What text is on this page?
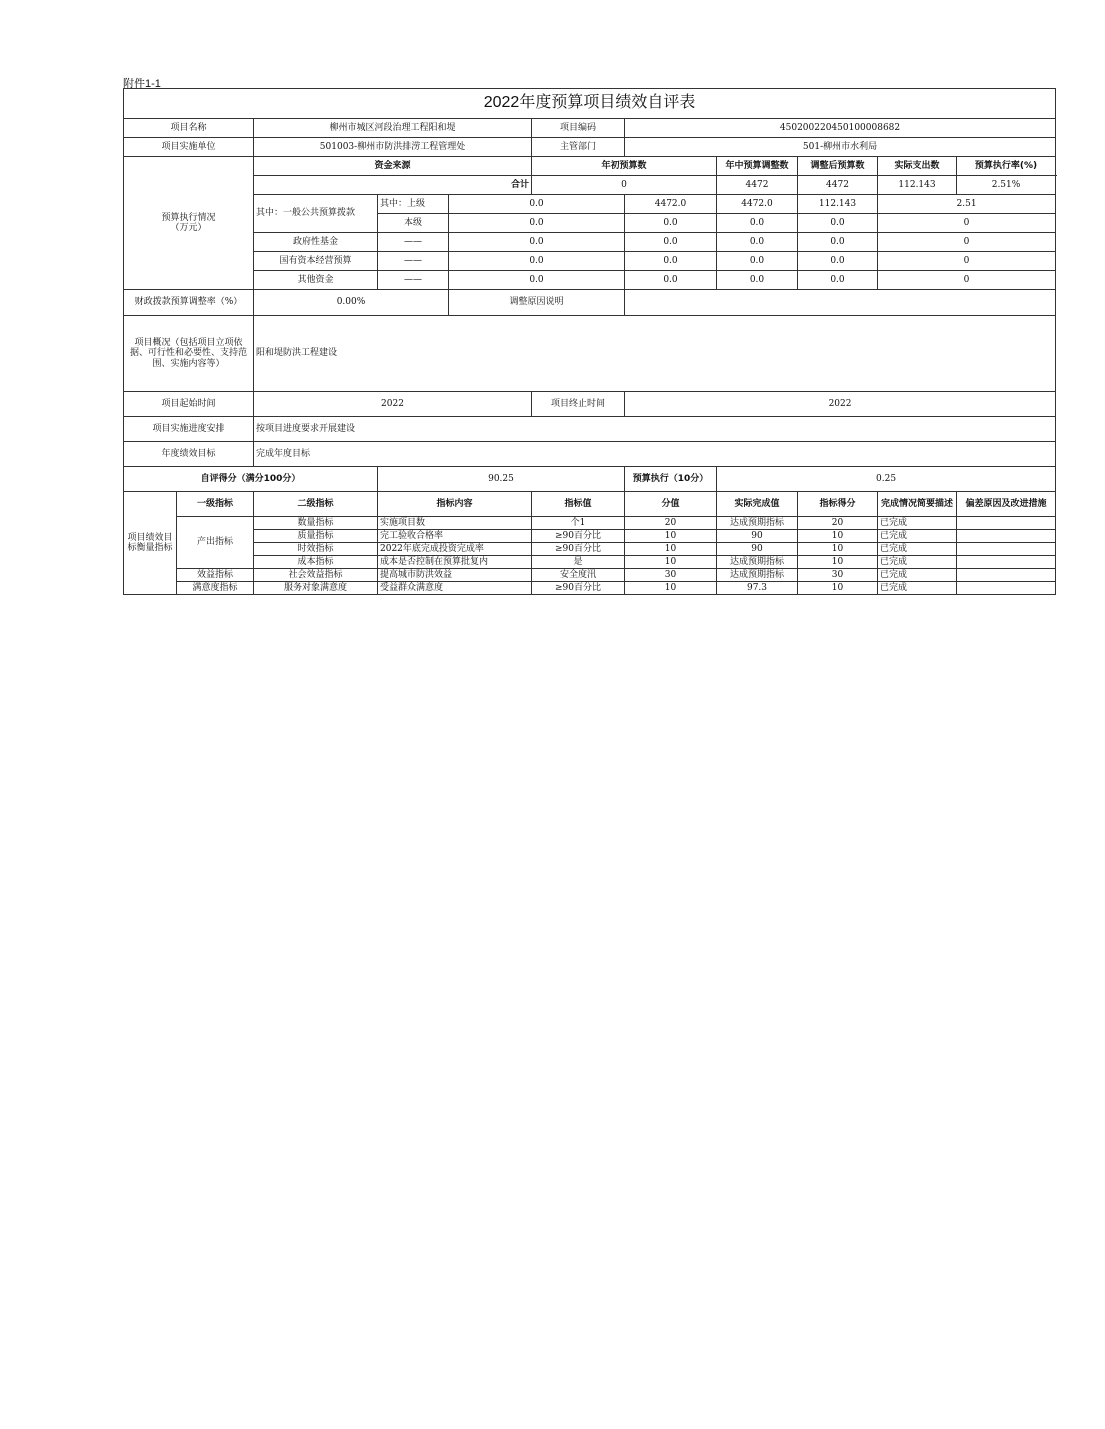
附件1-1
2022年度预算项目绩效自评表										
项目名称		柳州市城区河段治理工程阳和堤			项目编码	450200220450100008682				
项目实施单位		501003-柳州市防洪排涝工程管理处			主管部门	501-柳州市水利局				
预算执行情况
（万元）		资金来源			年初预算数		年中预算调整数	调整后预算数	实际支出数	预算执行率(%)
		合计			0		4472	4472	112.143	2.51%
		其中：一般公共预算拨款	其中：上级	0.0		4472.0	4472.0	112.143	2.51	
			本级	0.0		0.0	0.0	0.0	0	
		政府性基金	——	0.0		0.0	0.0	0.0	0	
		国有资本经营预算	——	0.0		0.0	0.0	0.0	0	
		其他资金	——	0.0		0.0	0.0	0.0	0	
财政拨款预算调整率（%）		0.00%		调整原因说明						
项目概况（包括项目立项依据、可行性和必要性、支持范围、实施内容等）		阳和堤防洪工程建设								
项目起始时间		2022			项目终止时间	2022				
项目实施进度安排		按项目进度要求开展建设								
年度绩效目标		完成年度目标								
自评得分（满分100分）			90.25			预算执行（10分）	0.25			
项目绩效目标衡量指标	一级指标	二级指标	指标内容		指标值	分值	实际完成值	指标得分	完成情况简要描述	偏差原因及改进措施
	产出指标	数量指标	实施项目数		个1	20	达成预期指标	20	已完成	
		质量指标	完工验收合格率		≥90百分比	10	90	10	已完成	
		时效指标	2022年底完成投资完成率		≥90百分比	10	90	10	已完成	
		成本指标	成本是否控制在预算批复内		是	10	达成预期指标	10	已完成	
	效益指标	社会效益指标	提高城市防洪效益		安全度汛	30	达成预期指标	30	已完成	
	满意度指标	服务对象满意度	受益群众满意度		≥90百分比	10	97.3	10	已完成	
